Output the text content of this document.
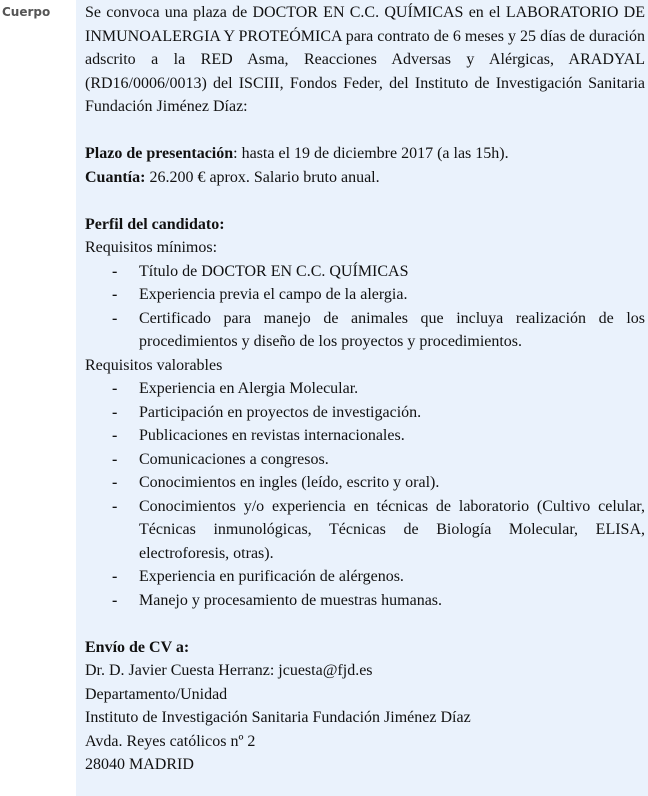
Cuerpo	Se convoca una plaza de DOCTOR EN C.C. QUÍMICAS en el LABORATORIO DE INMUNOALERGIA Y PROTEÓMICA para contrato de 6 meses y 25 días de duración adscrito a la RED Asma, Reacciones Adversas y Alérgicas, ARADYAL (RD16/0006/0013) del ISCIII, Fondos Feder, del Instituto de Investigación Sanitaria Fundación Jiménez Díaz:

Plazo de presentación: hasta el 19 de diciembre 2017 (a las 15h).

Cuantía: 26.200 € aprox. Salario bruto anual.

Perfil del candidato:

Requisitos mínimos:

- Título de DOCTOR EN C.C. QUÍMICAS
- Experiencia previa el campo de la alergia.
- Certificado para manejo de animales que incluya realización de los procedimientos y diseño de los proyectos y procedimientos.

Requisitos valorables

- Experiencia en Alergia Molecular.
- Participación en proyectos de investigación.
- Publicaciones en revistas internacionales.
- Comunicaciones a congresos.
- Conocimientos en ingles (leído, escrito y oral).
- Conocimientos y/o experiencia en técnicas de laboratorio (Cultivo celular, Técnicas inmunológicas, Técnicas de Biología Molecular, ELISA, electroforesis, otras).
- Experiencia en purificación de alérgenos.
- Manejo y procesamiento de muestras humanas.

Envío de CV a:

Dr. D. Javier Cuesta Herranz: jcuesta@fjd.es

Departamento/Unidad

Instituto de Investigación Sanitaria Fundación Jiménez Díaz

Avda. Reyes católicos nº 2

28040 MADRID
